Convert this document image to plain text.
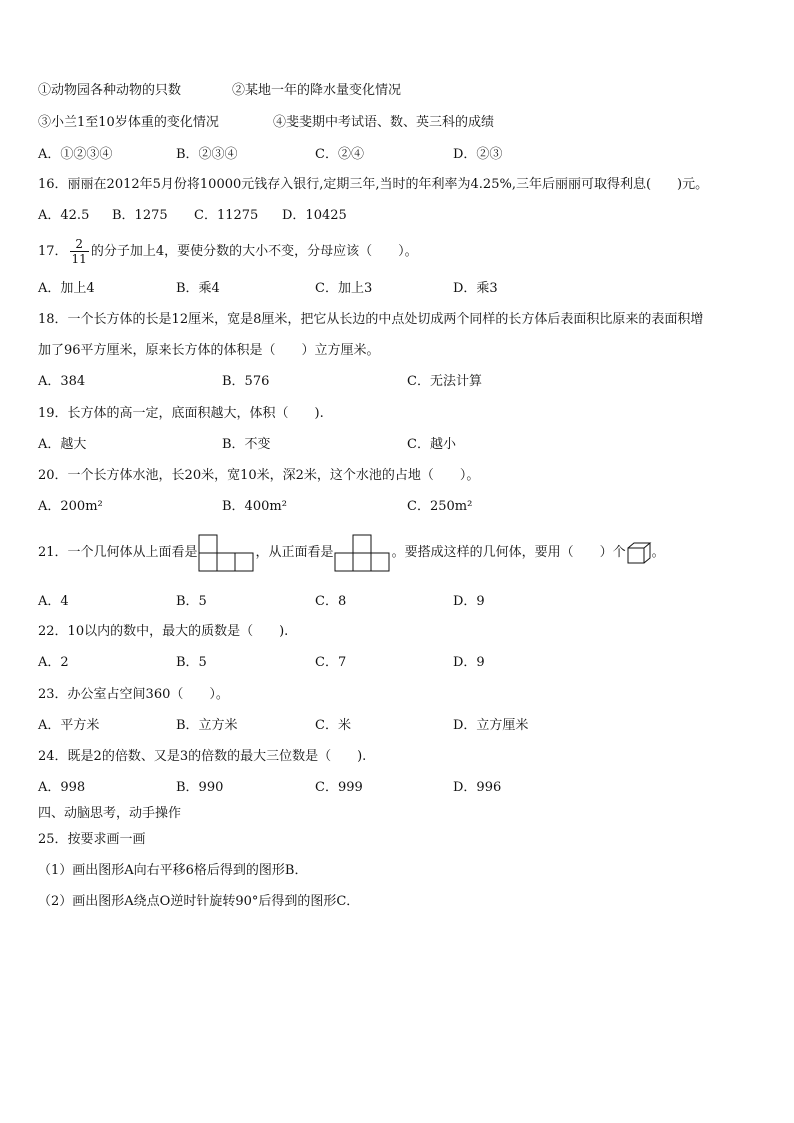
①动物园各种动物的只数	②某地一年的降水量变化情况
③小兰1至10岁体重的变化情况	④斐斐期中考试语、数、英三科的成绩
A．①②③④	B．②③④	C．②④	D．②③
16．丽丽在2012年5月份将10000元钱存入银行,定期三年,当时的年利率为4.25%,三年后丽丽可取得利息(　　)元。
A．42.5 B．1275 C．11275 D．10425
17． $\frac{2}{11}$ 的分子加上4，要使分数的大小不变，分母应该（　　）。
A．加上4	B．乘4	C．加上3	D．乘3
18．一个长方体的长是12厘米，宽是8厘米，把它从长边的中点处切成两个同样的长方体后表面积比原来的表面积增
加了96平方厘米，原来长方体的体积是（　　）立方厘米。
A．384	B．576	C．无法计算
19．长方体的高一定，底面积越大，体积（　　).
A．越大	B．不变	C．越小
20．一个长方体水池，长20米，宽10米，深2米，这个水池的占地（　　）。
A．200m²	B．400m²	C．250m²
21．一个几何体从上面看是	，从正面看是	。要搭成这样的几何体，要用（　　）个 。
A．4	B．5	C．8	D．9
22．10以内的数中，最大的质数是（　　).
A．2	B．5	C．7	D．9
23．办公室占空间360（　　）。
A．平方米	B．立方米	C．米	D．立方厘米
24．既是2的倍数、又是3的倍数的最大三位数是（　　).
A．998	B．990	C．999	D．996
四、动脑思考，动手操作
25．按要求画一画
（1）画出图形A向右平移6格后得到的图形B．
（2）画出图形A绕点O逆时针旋转90°后得到的图形C．
